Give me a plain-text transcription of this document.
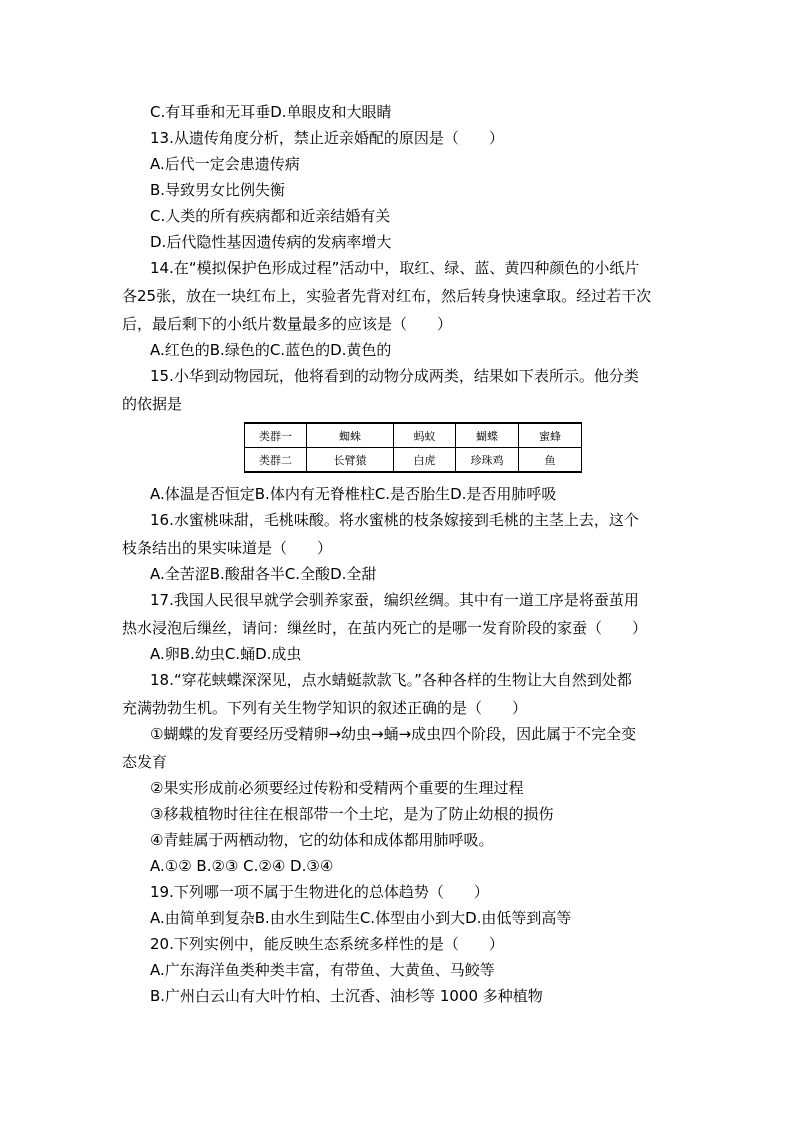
C.有耳垂和无耳垂D.单眼皮和大眼睛
13.从遗传角度分析，禁止近亲婚配的原因是（　　）
A.后代一定会患遗传病
B.导致男女比例失衡
C.人类的所有疾病都和近亲结婚有关
D.后代隐性基因遗传病的发病率增大
14.在“模拟保护色形成过程”活动中，取红、绿、蓝、黄四种颜色的小纸片
各25张，放在一块红布上，实验者先背对红布，然后转身快速拿取。经过若干次
后，最后剩下的小纸片数量最多的应该是（　　）
A.红色的B.绿色的C.蓝色的D.黄色的
15.小华到动物园玩，他将看到的动物分成两类，结果如下表所示。他分类
的依据是
类群一	蜘蛛	蚂蚁	蝴蝶	蜜蜂
类群二	长臂猿	白虎	珍珠鸡	鱼
A.体温是否恒定B.体内有无脊椎柱C.是否胎生D.是否用肺呼吸
16.水蜜桃味甜，毛桃味酸。将水蜜桃的枝条嫁接到毛桃的主茎上去，这个
枝条结出的果实味道是（　　）
A.全苦涩B.酸甜各半C.全酸D.全甜
17.我国人民很早就学会驯养家蚕，编织丝绸。其中有一道工序是将蚕茧用
热水浸泡后缫丝，请问：缫丝时，在茧内死亡的是哪一发育阶段的家蚕（　　）
A.卵B.幼虫C.蛹D.成虫
18.“穿花蛱蝶深深见，点水蜻蜓款款飞。”各种各样的生物让大自然到处都
充满勃勃生机。下列有关生物学知识的叙述正确的是（　　）
①蝴蝶的发育要经历受精卵→幼虫→蛹→成虫四个阶段，因此属于不完全变
态发育
②果实形成前必须要经过传粉和受精两个重要的生理过程
③移栽植物时往往在根部带一个土坨，是为了防止幼根的损伤
④青蛙属于两栖动物，它的幼体和成体都用肺呼吸。
A.①② B.②③ C.②④ D.③④
19.下列哪一项不属于生物进化的总体趋势（　　）
A.由简单到复杂B.由水生到陆生C.体型由小到大D.由低等到高等
20.下列实例中，能反映生态系统多样性的是（　　）
A.广东海洋鱼类种类丰富，有带鱼、大黄鱼、马鲛等
B.广州白云山有大叶竹柏、土沉香、油杉等 1000 多种植物
